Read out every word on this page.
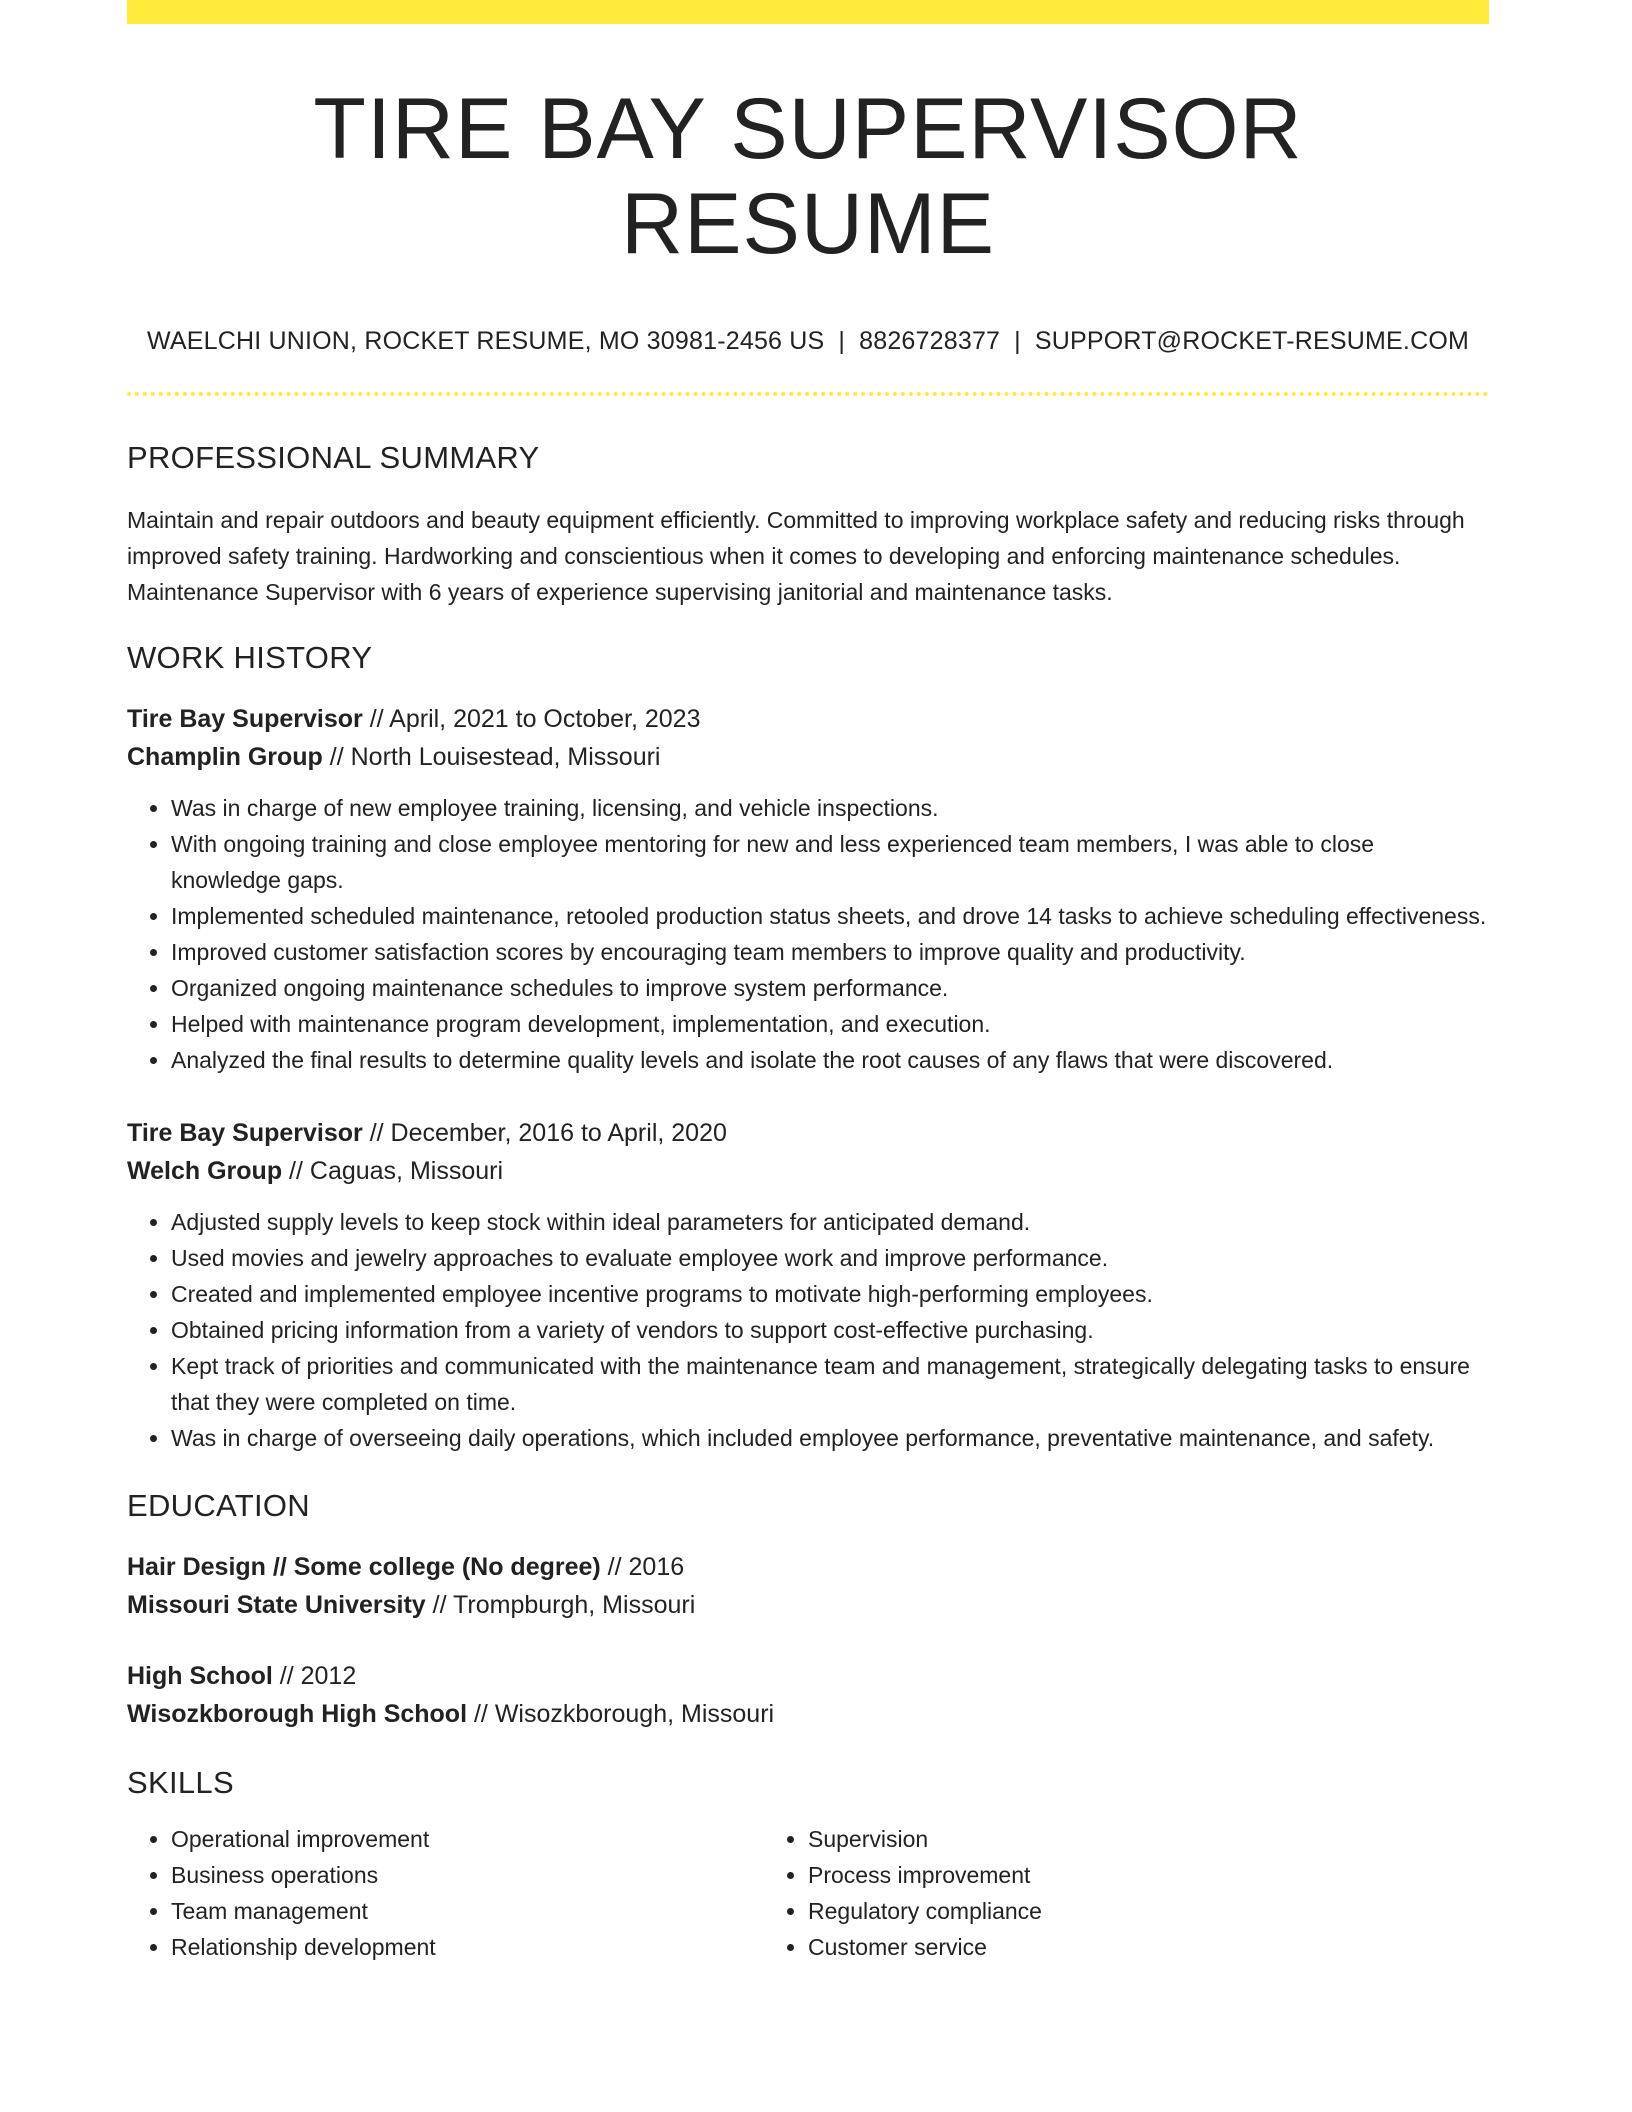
TIRE BAY SUPERVISOR RESUME
WAELCHI UNION, ROCKET RESUME, MO 30981-2456 US | 8826728377 | SUPPORT@ROCKET-RESUME.COM
PROFESSIONAL SUMMARY

Maintain and repair outdoors and beauty equipment efficiently. Committed to improving workplace safety and reducing risks through improved safety training. Hardworking and conscientious when it comes to developing and enforcing maintenance schedules. Maintenance Supervisor with 6 years of experience supervising janitorial and maintenance tasks.

WORK HISTORY
Tire Bay Supervisor // April, 2021 to October, 2023
Champlin Group // North Louisestead, Missouri
• Was in charge of new employee training, licensing, and vehicle inspections.
• With ongoing training and close employee mentoring for new and less experienced team members, I was able to close knowledge gaps.
• Implemented scheduled maintenance, retooled production status sheets, and drove 14 tasks to achieve scheduling effectiveness.
• Improved customer satisfaction scores by encouraging team members to improve quality and productivity.
• Organized ongoing maintenance schedules to improve system performance.
• Helped with maintenance program development, implementation, and execution.
• Analyzed the final results to determine quality levels and isolate the root causes of any flaws that were discovered.
Tire Bay Supervisor // December, 2016 to April, 2020
Welch Group // Caguas, Missouri
• Adjusted supply levels to keep stock within ideal parameters for anticipated demand.
• Used movies and jewelry approaches to evaluate employee work and improve performance.
• Created and implemented employee incentive programs to motivate high-performing employees.
• Obtained pricing information from a variety of vendors to support cost-effective purchasing.
• Kept track of priorities and communicated with the maintenance team and management, strategically delegating tasks to ensure that they were completed on time.
• Was in charge of overseeing daily operations, which included employee performance, preventative maintenance, and safety.
EDUCATION
Hair Design // Some college (No degree) // 2016
Missouri State University // Trompburgh, Missouri
High School // 2012
Wisozkborough High School // Wisozkborough, Missouri
SKILLS
• Operational improvement
• Business operations
• Team management
• Relationship development
• Supervision
• Process improvement
• Regulatory compliance
• Customer service
